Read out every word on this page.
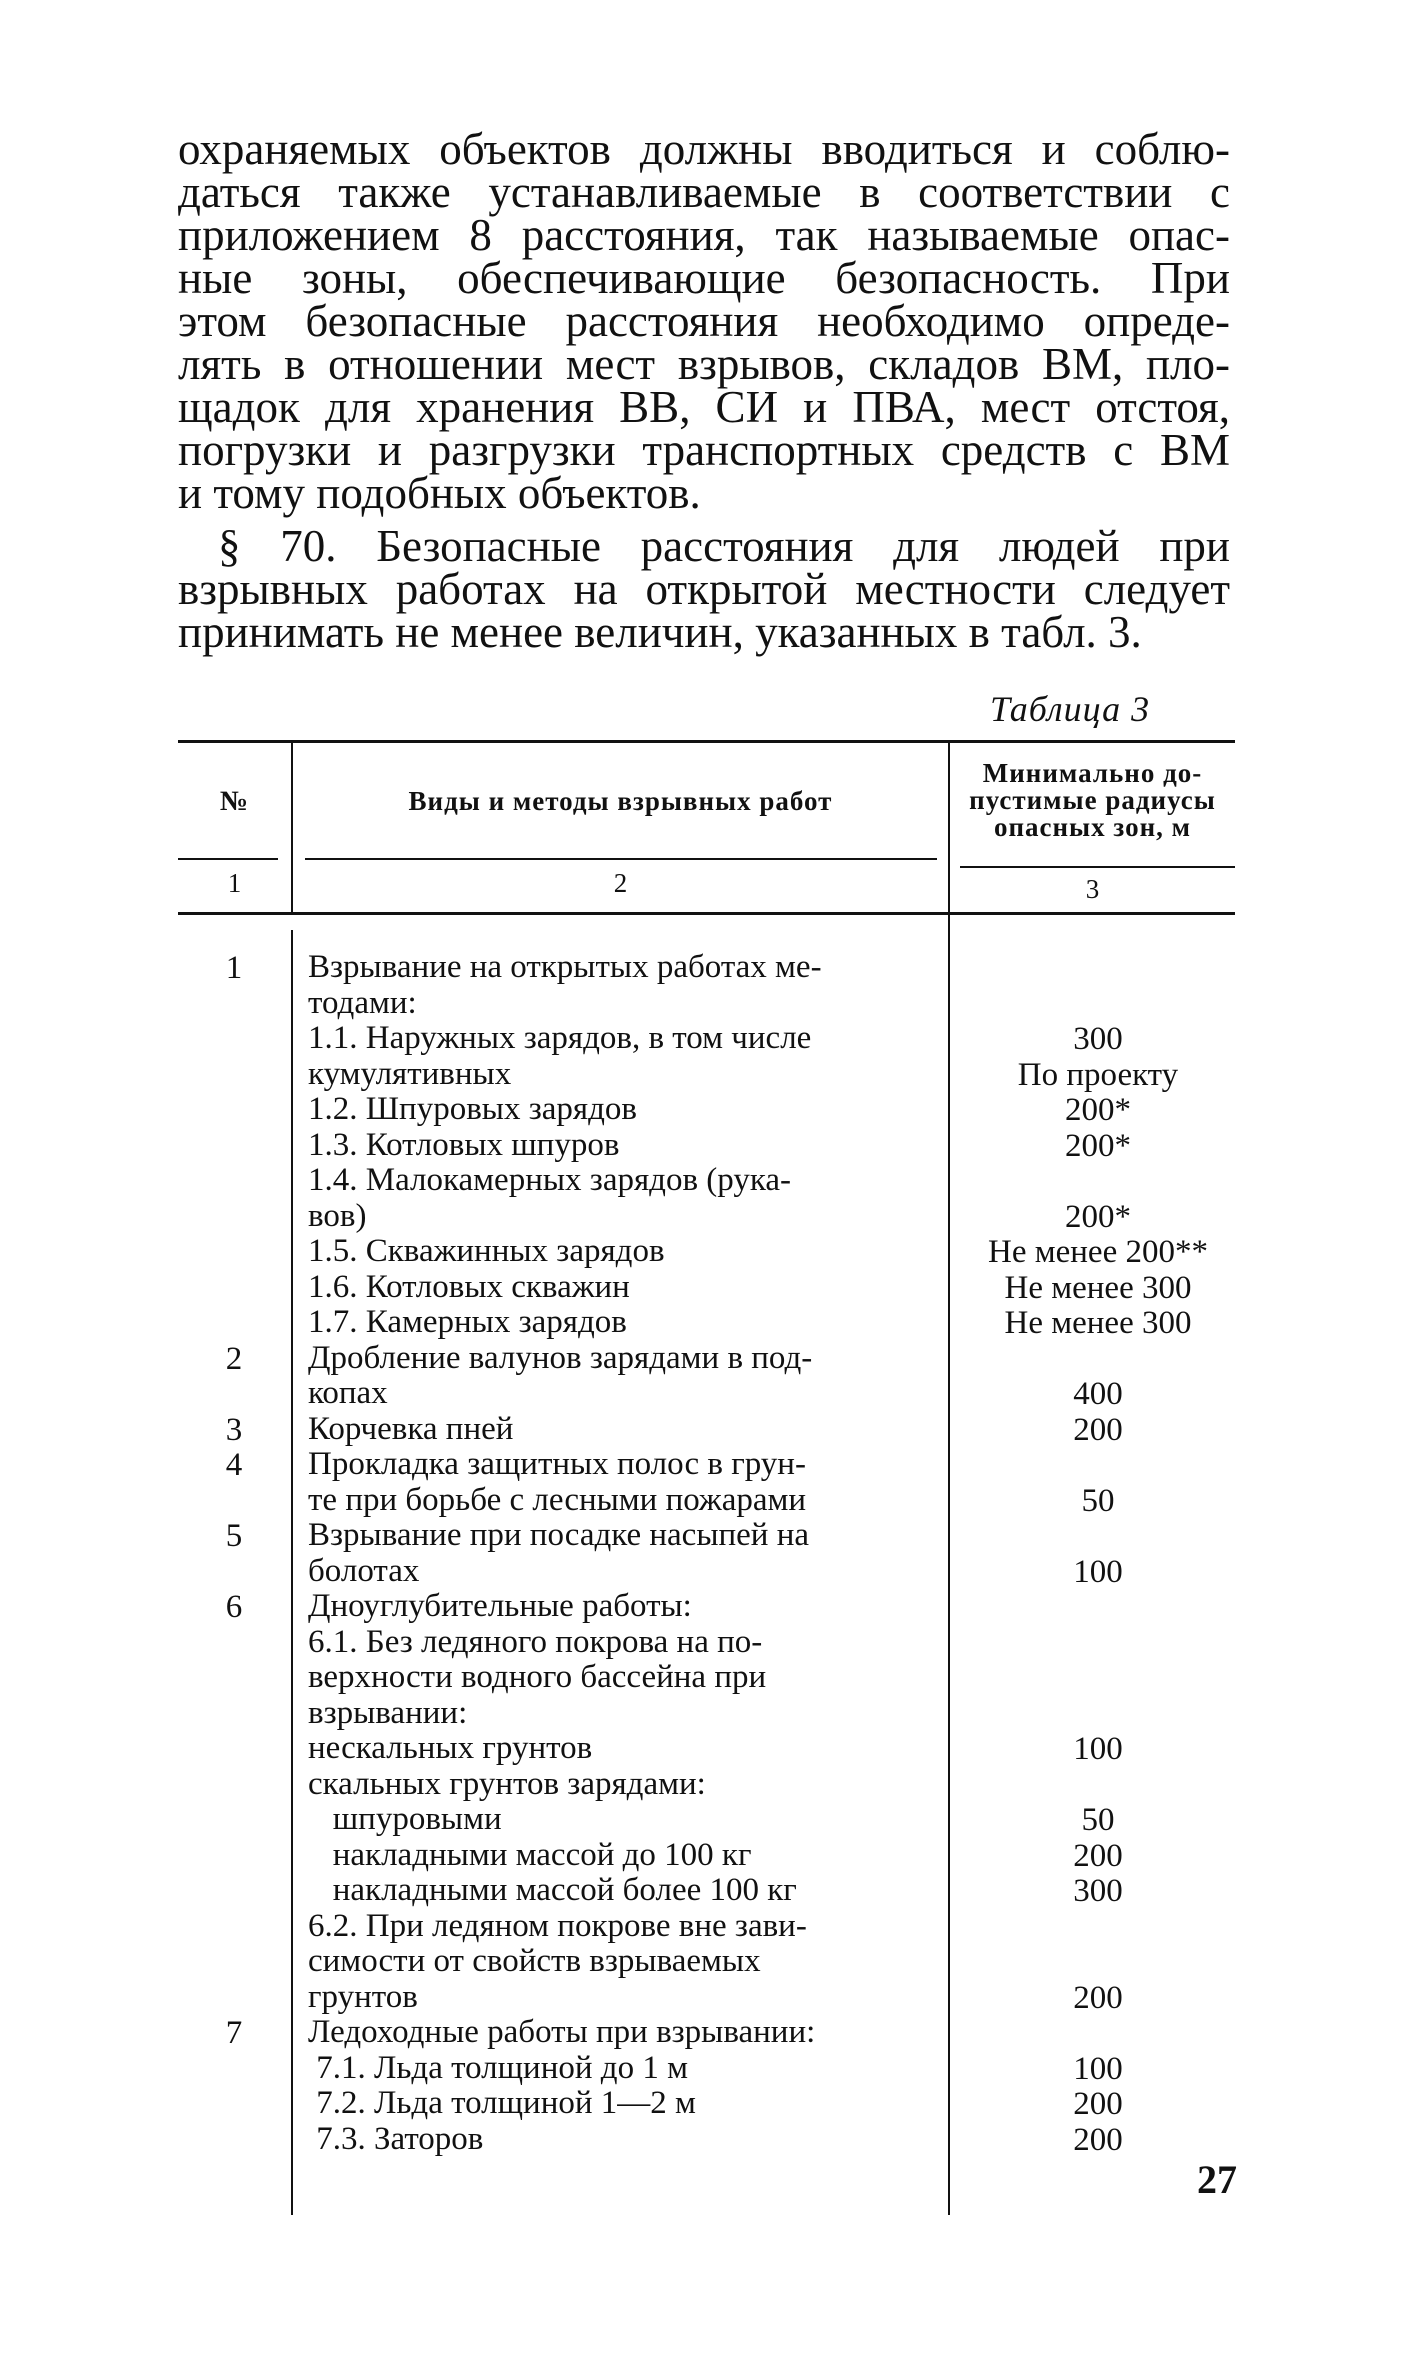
охраняемых объектов должны вводиться и соблю-
даться также устанавливаемые в соответствии с
приложением 8 расстояния, так называемые опас-
ные зоны, обеспечивающие безопасность. При
этом безопасные расстояния необходимо опреде-
лять в отношении мест взрывов, складов ВМ, пло-
щадок для хранения ВВ, СИ и ПВА, мест отстоя,
погрузки и разгрузки транспортных средств с ВМ
и тому подобных объектов.
§ 70. Безопасные расстояния для людей при
взрывных работах на открытой местности следует
принимать не менее величин, указанных в табл. 3.
Таблица 3
№	Виды и методы взрывных работ
Минимально до-
пустимые радиусы
опасных зон, м
1	2	3
1	Взрывание на открытых работах ме-
тодами:
1.1. Наружных зарядов, в том числе	300
кумулятивных	По проекту
1.2. Шпуровых зарядов	200*
1.3. Котловых шпуров	200*
1.4. Малокамерных зарядов (рука-
вов)	200*
1.5. Скважинных зарядов	Не менее 200**
1.6. Котловых скважин	Не менее 300
1.7. Камерных зарядов	Не менее 300
2	Дробление валунов зарядами в под-
копах	400
3	Корчевка пней	200
4	Прокладка защитных полос в грун-
те при борьбе с лесными пожарами	50
5	Взрывание при посадке насыпей на
болотах	100
6	Дноуглубительные работы:
6.1. Без ледяного покрова на по-
верхности водного бассейна при
взрывании:
нескальных грунтов	100
скальных грунтов зарядами:
шпуровыми	50
накладными массой до 100 кг	200
накладными массой более 100 кг	300
6.2. При ледяном покрове вне зави-
симости от свойств взрываемых
грунтов	200
7	Ледоходные работы при взрывании:
7.1. Льда толщиной до 1 м	100
7.2. Льда толщиной 1—2 м	200
7.3. Заторов	200
27
